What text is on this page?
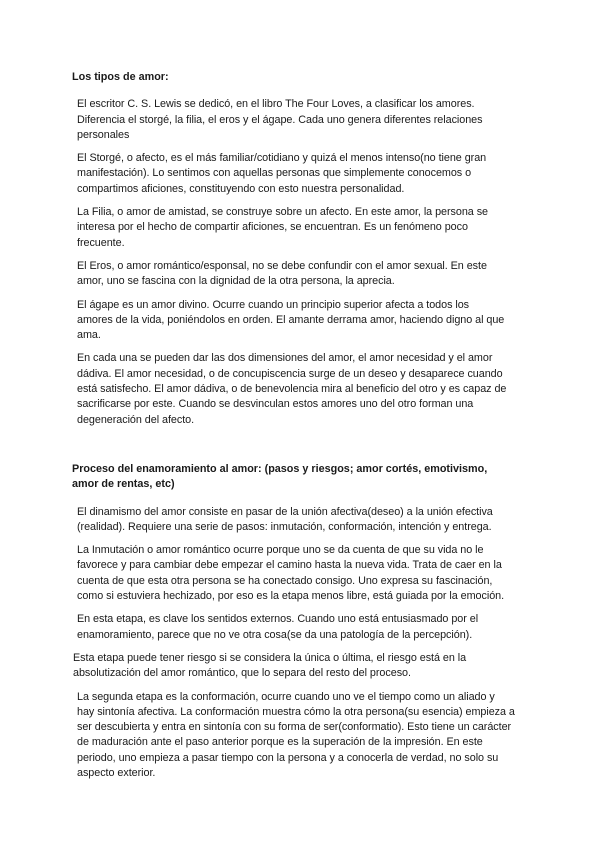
Los tipos de amor:

El escritor C. S. Lewis se dedicó, en el libro The Four Loves, a clasificar los amores.
Diferencia el storgé, la filia, el eros y el ágape. Cada uno genera diferentes relaciones
personales

El Storgé, o afecto, es el más familiar/cotidiano y quizá el menos intenso(no tiene gran
manifestación). Lo sentimos con aquellas personas que simplemente conocemos o
compartimos aficiones, constituyendo con esto nuestra personalidad.

La Filia, o amor de amistad, se construye sobre un afecto. En este amor, la persona se
interesa por el hecho de compartir aficiones, se encuentran. Es un fenómeno poco
frecuente.

El Eros, o amor romántico/esponsal, no se debe confundir con el amor sexual. En este
amor, uno se fascina con la dignidad de la otra persona, la aprecia.

El ágape es un amor divino. Ocurre cuando un principio superior afecta a todos los
amores de la vida, poniéndolos en orden. El amante derrama amor, haciendo digno al que
ama.

En cada una se pueden dar las dos dimensiones del amor, el amor necesidad y el amor
dádiva. El amor necesidad, o de concupiscencia surge de un deseo y desaparece cuando
está satisfecho. El amor dádiva, o de benevolencia mira al beneficio del otro y es capaz de
sacrificarse por este. Cuando se desvinculan estos amores uno del otro forman una
degeneración del afecto.

Proceso del enamoramiento al amor: (pasos y riesgos; amor cortés, emotivismo,
amor de rentas, etc)

El dinamismo del amor consiste en pasar de la unión afectiva(deseo) a la unión efectiva
(realidad). Requiere una serie de pasos: inmutación, conformación, intención y entrega.

La Inmutación o amor romántico ocurre porque uno se da cuenta de que su vida no le
favorece y para cambiar debe empezar el camino hasta la nueva vida. Trata de caer en la
cuenta de que esta otra persona se ha conectado consigo. Uno expresa su fascinación,
como si estuviera hechizado, por eso es la etapa menos libre, está guiada por la emoción.

En esta etapa, es clave los sentidos externos. Cuando uno está entusiasmado por el
enamoramiento, parece que no ve otra cosa(se da una patología de la percepción).

Esta etapa puede tener riesgo si se considera la única o última, el riesgo está en la
absolutización del amor romántico, que lo separa del resto del proceso.

La segunda etapa es la conformación, ocurre cuando uno ve el tiempo como un aliado y
hay sintonía afectiva. La conformación muestra cómo la otra persona(su esencia) empieza a
ser descubierta y entra en sintonía con su forma de ser(conformatio). Esto tiene un carácter
de maduración ante el paso anterior porque es la superación de la impresión. En este
periodo, uno empieza a pasar tiempo con la persona y a conocerla de verdad, no solo su
aspecto exterior.
